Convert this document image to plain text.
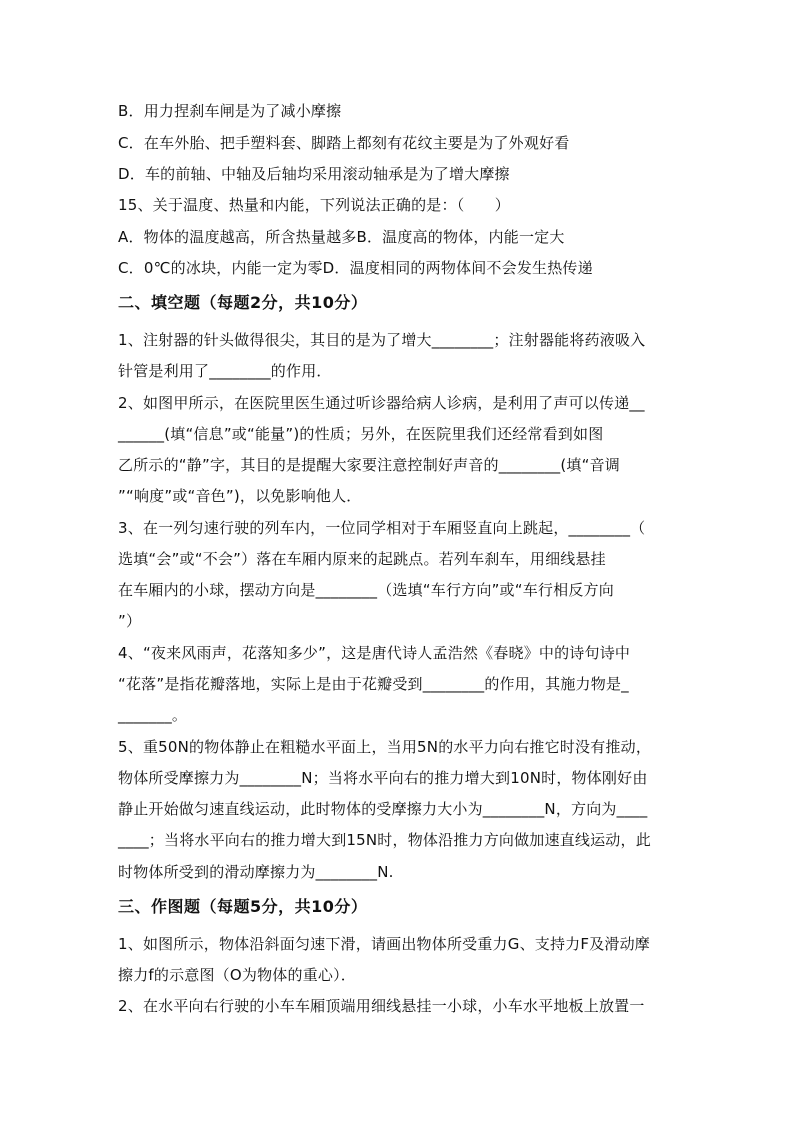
B．用力捏刹车闸是为了减小摩擦
C．在车外胎、把手塑料套、脚踏上都刻有花纹主要是为了外观好看
D．车的前轴、中轴及后轴均采用滚动轴承是为了增大摩擦
15、关于温度、热量和内能，下列说法正确的是：（　　）
A．物体的温度越高，所含热量越多B．温度高的物体，内能一定大
C．0℃的冰块，内能一定为零D．温度相同的两物体间不会发生热传递
二、填空题（每题2分，共10分）
1、注射器的针头做得很尖，其目的是为了增大________；注射器能将药液吸入
针管是利用了________的作用．
2、如图甲所示，在医院里医生通过听诊器给病人诊病，是利用了声可以传递__
______(填“信息”或“能量”)的性质；另外，在医院里我们还经常看到如图
乙所示的“静”字，其目的是提醒大家要注意控制好声音的________(填“音调
”“响度”或“音色”)，以免影响他人．
3、在一列匀速行驶的列车内，一位同学相对于车厢竖直向上跳起，________（
选填“会”或“不会”）落在车厢内原来的起跳点。若列车刹车，用细线悬挂
在车厢内的小球，摆动方向是________（选填“车行方向”或“车行相反方向
”）
4、“夜来风雨声，花落知多少”，这是唐代诗人孟浩然《春晓》中的诗句诗中
“花落”是指花瓣落地，实际上是由于花瓣受到________的作用，其施力物是_
_______。
5、重50N的物体静止在粗糙水平面上，当用5N的水平力向右推它时没有推动，
物体所受摩擦力为________N；当将水平向右的推力增大到10N时，物体刚好由
静止开始做匀速直线运动，此时物体的受摩擦力大小为________N，方向为____
____；当将水平向右的推力增大到15N时，物体沿推力方向做加速直线运动，此
时物体所受到的滑动摩擦力为________N.
三、作图题（每题5分，共10分）
1、如图所示，物体沿斜面匀速下滑，请画出物体所受重力G、支持力F及滑动摩
擦力f的示意图（O为物体的重心）．
2、在水平向右行驶的小车车厢顶端用细线悬挂一小球，小车水平地板上放置一
